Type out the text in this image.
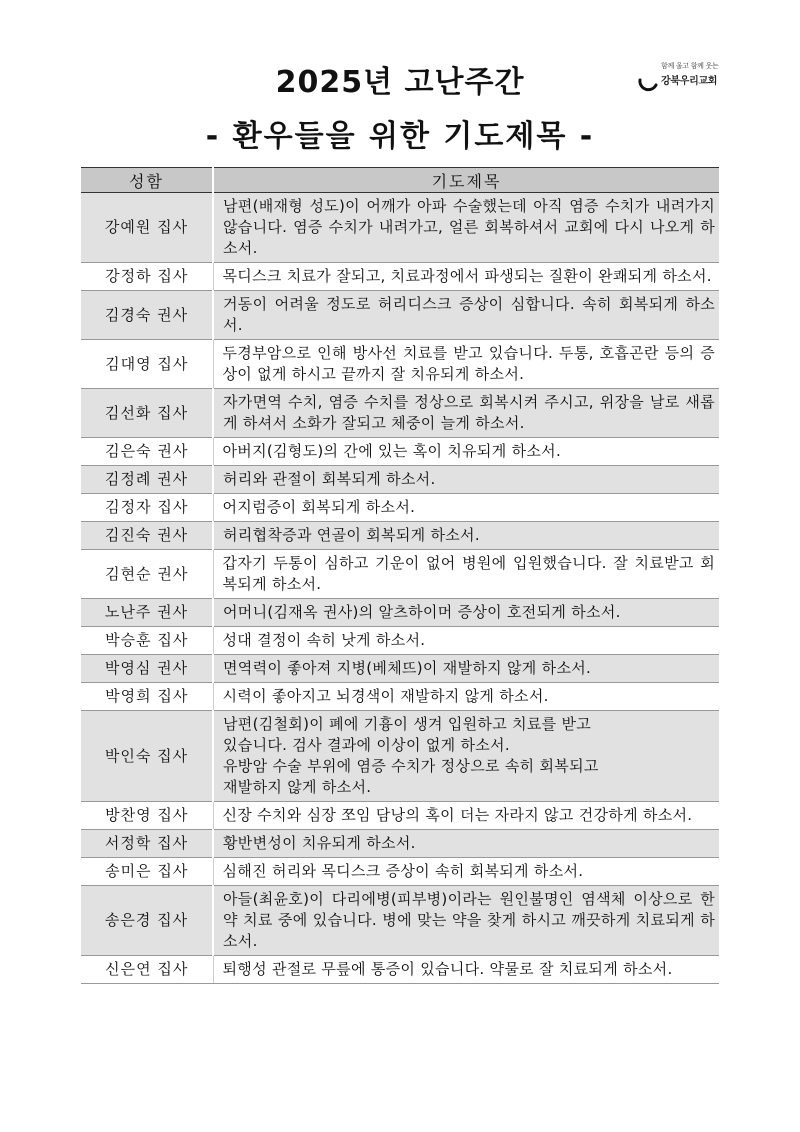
2025년 고난주간
- 환우들을 위한 기도제목 -
함께 울고 함께 웃는
강북우리교회
성함	기도제목
강예원 집사	남편(배재형 성도)이 어깨가 아파 수술했는데 아직 염증 수치가 내려가지 않습니다. 염증 수치가 내려가고, 얼른 회복하셔서 교회에 다시 나오게 하소서.

강정하 집사	목디스크 치료가 잘되고, 치료과정에서 파생되는 질환이 완쾌되게 하소서.

김경숙 권사	거동이 어려울 정도로 허리디스크 증상이 심합니다. 속히 회복되게 하소서.

김대영 집사	두경부암으로 인해 방사선 치료를 받고 있습니다. 두통, 호흡곤란 등의 증상이 없게 하시고 끝까지 잘 치유되게 하소서.

김선화 집사	자가면역 수치, 염증 수치를 정상으로 회복시켜 주시고, 위장을 날로 새롭게 하셔서 소화가 잘되고 체중이 늘게 하소서.

김은숙 권사	아버지(김형도)의 간에 있는 혹이 치유되게 하소서.

김정례 권사	허리와 관절이 회복되게 하소서.

김정자 집사	어지럼증이 회복되게 하소서.

김진숙 권사	허리협착증과 연골이 회복되게 하소서.

김현순 권사	갑자기 두통이 심하고 기운이 없어 병원에 입원했습니다. 잘 치료받고 회복되게 하소서.

노난주 권사	어머니(김재옥 권사)의 알츠하이머 증상이 호전되게 하소서.

박승훈 집사	성대 결정이 속히 낫게 하소서.

박영심 권사	면역력이 좋아져 지병(베체뜨)이 재발하지 않게 하소서.

박영희 집사	시력이 좋아지고 뇌경색이 재발하지 않게 하소서.

박인숙 집사	남편(김철회)이 폐에 기흉이 생겨 입원하고 치료를 받고
있습니다. 검사 결과에 이상이 없게 하소서.
유방암 수술 부위에 염증 수치가 정상으로 속히 회복되고
재발하지 않게 하소서.

방찬영 집사	신장 수치와 심장 쪼임 담낭의 혹이 더는 자라지 않고 건강하게 하소서.

서정학 집사	황반변성이 치유되게 하소서.

송미은 집사	심해진 허리와 목디스크 증상이 속히 회복되게 하소서.

송은경 집사	아들(최윤호)이 다리에병(피부병)이라는 원인불명인 염색체 이상으로 한약 치료 중에 있습니다. 병에 맞는 약을 찾게 하시고 깨끗하게 치료되게 하소서.

신은연 집사	퇴행성 관절로 무릎에 통증이 있습니다. 약물로 잘 치료되게 하소서.
